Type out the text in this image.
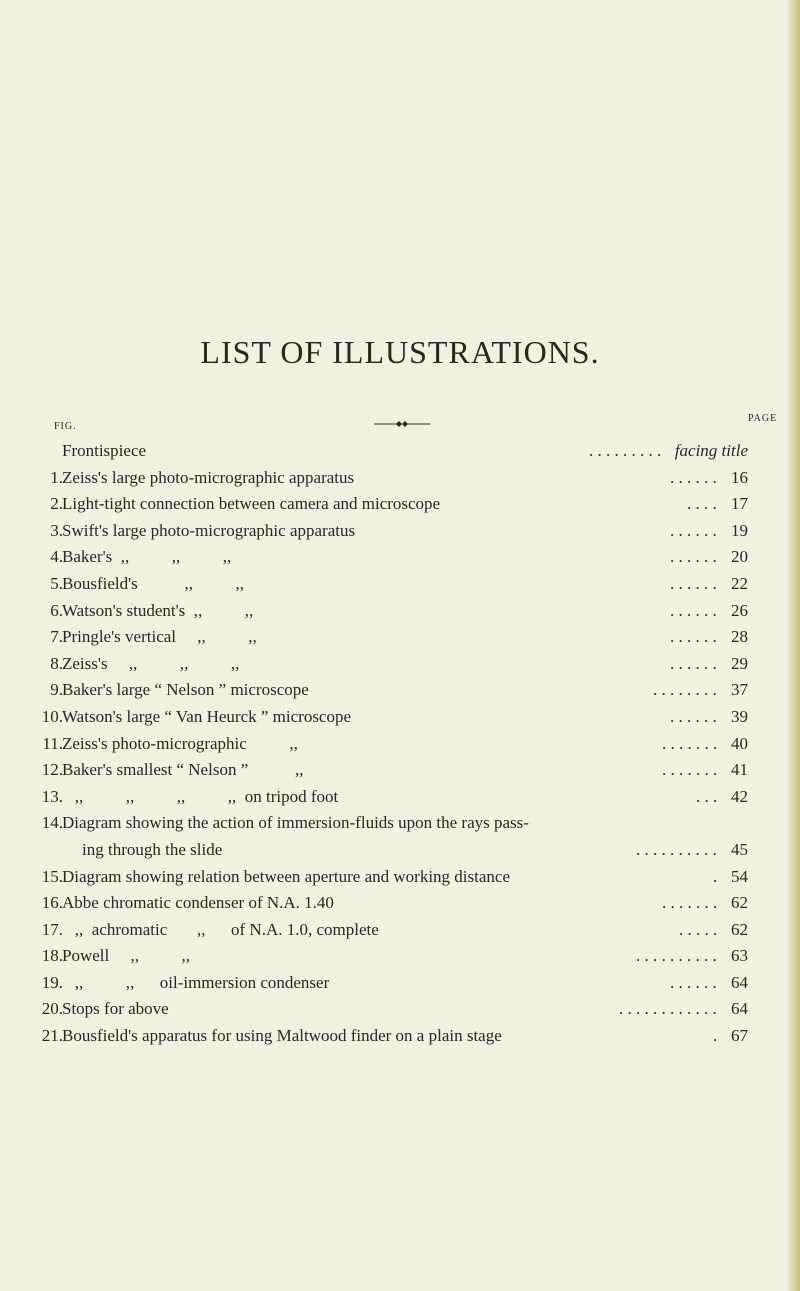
LIST OF ILLUSTRATIONS.
FIG.
PAGE
Frontispiece	. . . . . . . . . facing title
1. Zeiss's large photo-micrographic apparatus	. . . . . . 16
2. Light-tight connection between camera and microscope	. . . . 17
3. Swift's large photo-micrographic apparatus	. . . . . . 19
4. Baker's  ,,          ,,          ,,	. . . . . . 20
5. Bousfield's           ,,          ,,	. . . . . . 22
6. Watson's student's  ,,          ,,	. . . . . . 26
7. Pringle's vertical     ,,          ,,	. . . . . . 28
8. Zeiss's     ,,          ,,          ,,	. . . . . . 29
9. Baker's large “ Nelson ” microscope	. . . . . . . . 37
10. Watson's large “ Van Heurck ” microscope	. . . . . . 39
11. Zeiss's photo-micrographic          ,,	. . . . . . . 40
12. Baker's smallest “ Nelson ”           ,,	. . . . . . . 41
13. ,,          ,,          ,,          ,,  on tripod foot	. . . 42
14. Diagram showing the action of immersion-fluids upon the rays pass-
ing through the slide	. . . . . . . . . . 45
15. Diagram showing relation between aperture and working distance	. 54
16. Abbe chromatic condenser of N.A. 1.40	. . . . . . . 62
17. ,,  achromatic       ,,      of N.A. 1.0, complete	. . . . . 62
18. Powell     ,,          ,,	. . . . . . . . . . 63
19. ,,          ,,      oil-immersion condenser	. . . . . . 64
20. Stops for above	. . . . . . . . . . . . 64
21. Bousfield's apparatus for using Maltwood finder on a plain stage	. 67
